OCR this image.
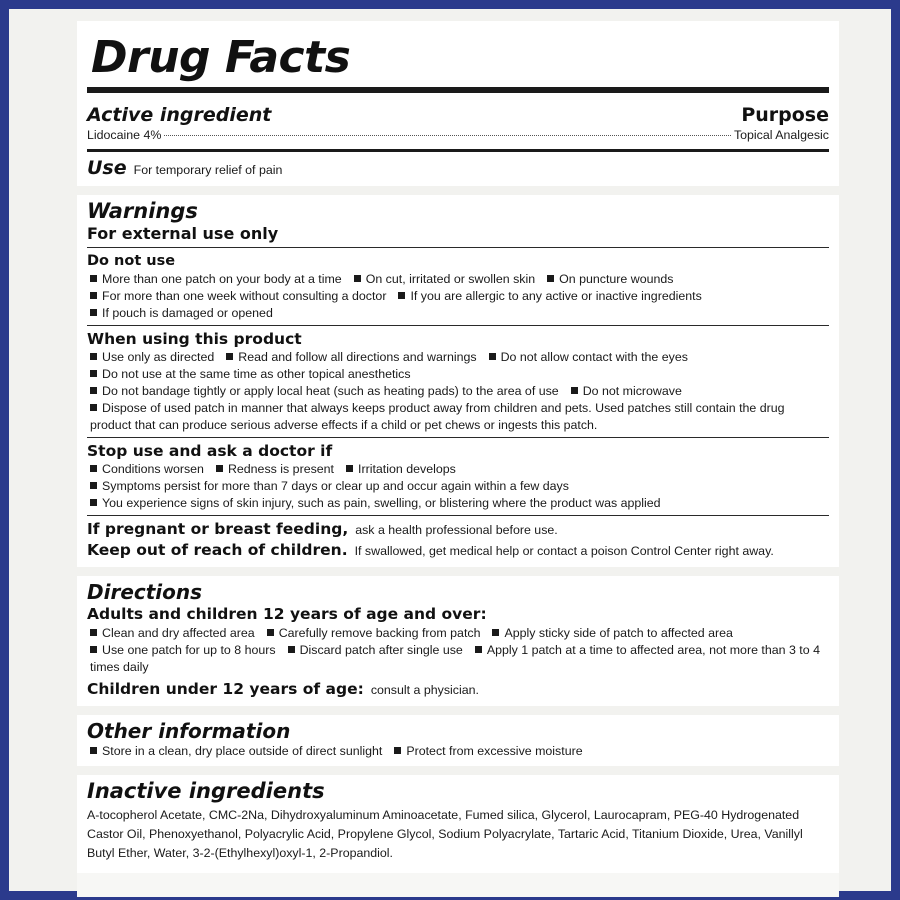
Drug Facts
Active ingredient	Purpose
Lidocaine 4%	Topical Analgesic
Use For temporary relief of pain
Warnings
For external use only
Do not use
More than one patch on your body at a time On cut, irritated or swollen skin On puncture wounds
For more than one week without consulting a doctor If you are allergic to any active or inactive ingredients
If pouch is damaged or opened
When using this product
Use only as directed Read and follow all directions and warnings Do not allow contact with the eyes
Do not use at the same time as other topical anesthetics
Do not bandage tightly or apply local heat (such as heating pads) to the area of use Do not microwave
Dispose of used patch in manner that always keeps product away from children and pets. Used patches still contain the drug product that can produce serious adverse effects if a child or pet chews or ingests this patch.
Stop use and ask a doctor if
Conditions worsen Redness is present Irritation develops
Symptoms persist for more than 7 days or clear up and occur again within a few days
You experience signs of skin injury, such as pain, swelling, or blistering where the product was applied
If pregnant or breast feeding, ask a health professional before use.
Keep out of reach of children. If swallowed, get medical help or contact a poison Control Center right away.
Directions
Adults and children 12 years of age and over:
Clean and dry affected area Carefully remove backing from patch Apply sticky side of patch to affected area
Use one patch for up to 8 hours Discard patch after single use Apply 1 patch at a time to affected area, not more than 3 to 4 times daily
Children under 12 years of age: consult a physician.
Other information
Store in a clean, dry place outside of direct sunlight Protect from excessive moisture
Inactive ingredients
A-tocopherol Acetate, CMC-2Na, Dihydroxyaluminum Aminoacetate, Fumed silica, Glycerol, Laurocapram, PEG-40 Hydrogenated Castor Oil, Phenoxyethanol, Polyacrylic Acid, Propylene Glycol, Sodium Polyacrylate, Tartaric Acid, Titanium Dioxide, Urea, Vanillyl Butyl Ether, Water, 3-2-(Ethylhexyl)oxyl-1, 2-Propandiol.
